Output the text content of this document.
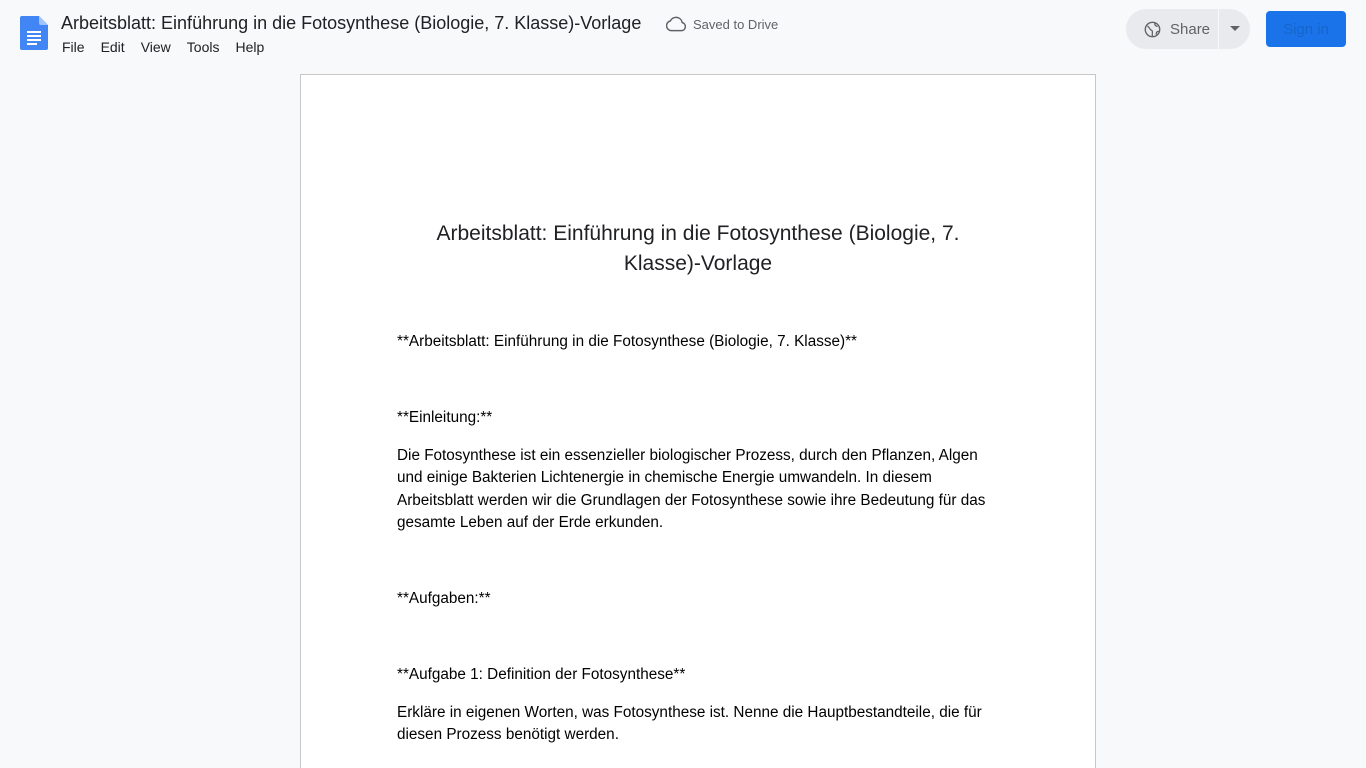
Arbeitsblatt: Einführung in die Fotosynthese (Biologie, 7. Klasse)-Vorlage	Saved to Drive
File	Edit	View	Tools	Help
Share	Sign in
Arbeitsblatt: Einführung in die Fotosynthese (Biologie, 7. Klasse)-Vorlage
**Arbeitsblatt: Einführung in die Fotosynthese (Biologie, 7. Klasse)**
**Einleitung:**
Die Fotosynthese ist ein essenzieller biologischer Prozess, durch den Pflanzen, Algen und einige Bakterien Lichtenergie in chemische Energie umwandeln. In diesem Arbeitsblatt werden wir die Grundlagen der Fotosynthese sowie ihre Bedeutung für das gesamte Leben auf der Erde erkunden.
**Aufgaben:**
**Aufgabe 1: Definition der Fotosynthese**
Erkläre in eigenen Worten, was Fotosynthese ist. Nenne die Hauptbestandteile, die für diesen Prozess benötigt werden.
